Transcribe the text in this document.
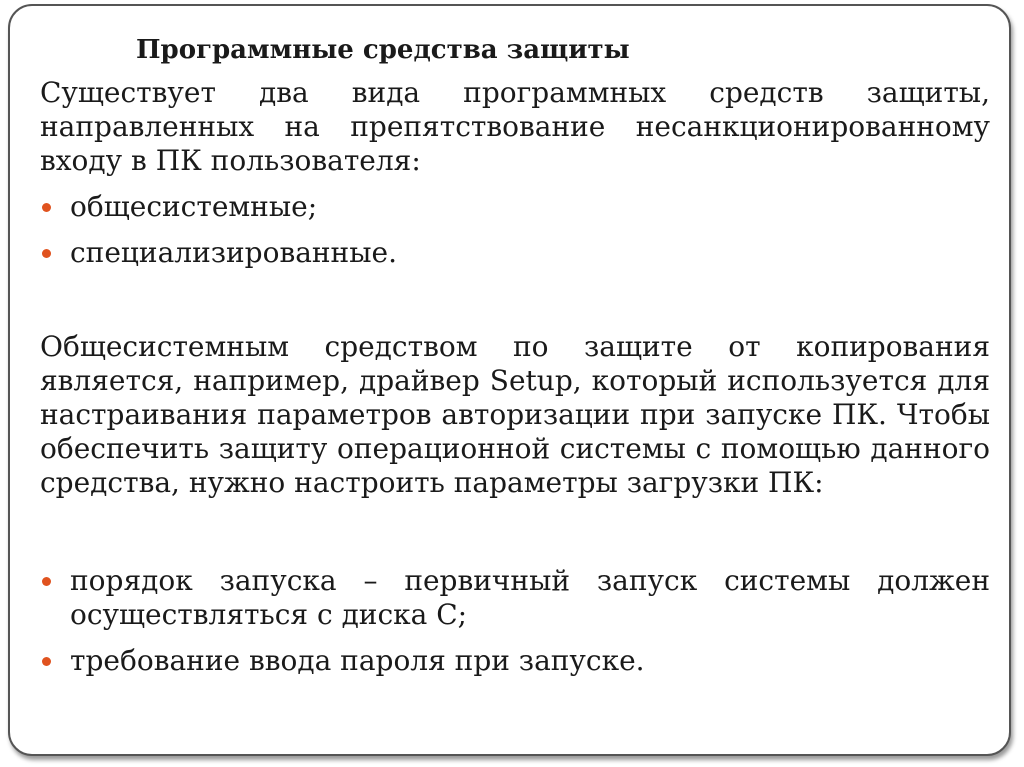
Программные средства защиты

Существует два вида программных средств защиты, направленных на препятствование несанкционированному входу в ПК пользователя:

общесистемные;
специализированные.

Общесистемным средством по защите от копирования является, например, драйвер Setup, который используется для настраивания параметров авторизации при запуске ПК. Чтобы обеспечить защиту операционной системы с помощью данного средства, нужно настроить параметры загрузки ПК:

порядок запуска – первичный запуск системы должен осуществляться с диска С;
требование ввода пароля при запуске.
